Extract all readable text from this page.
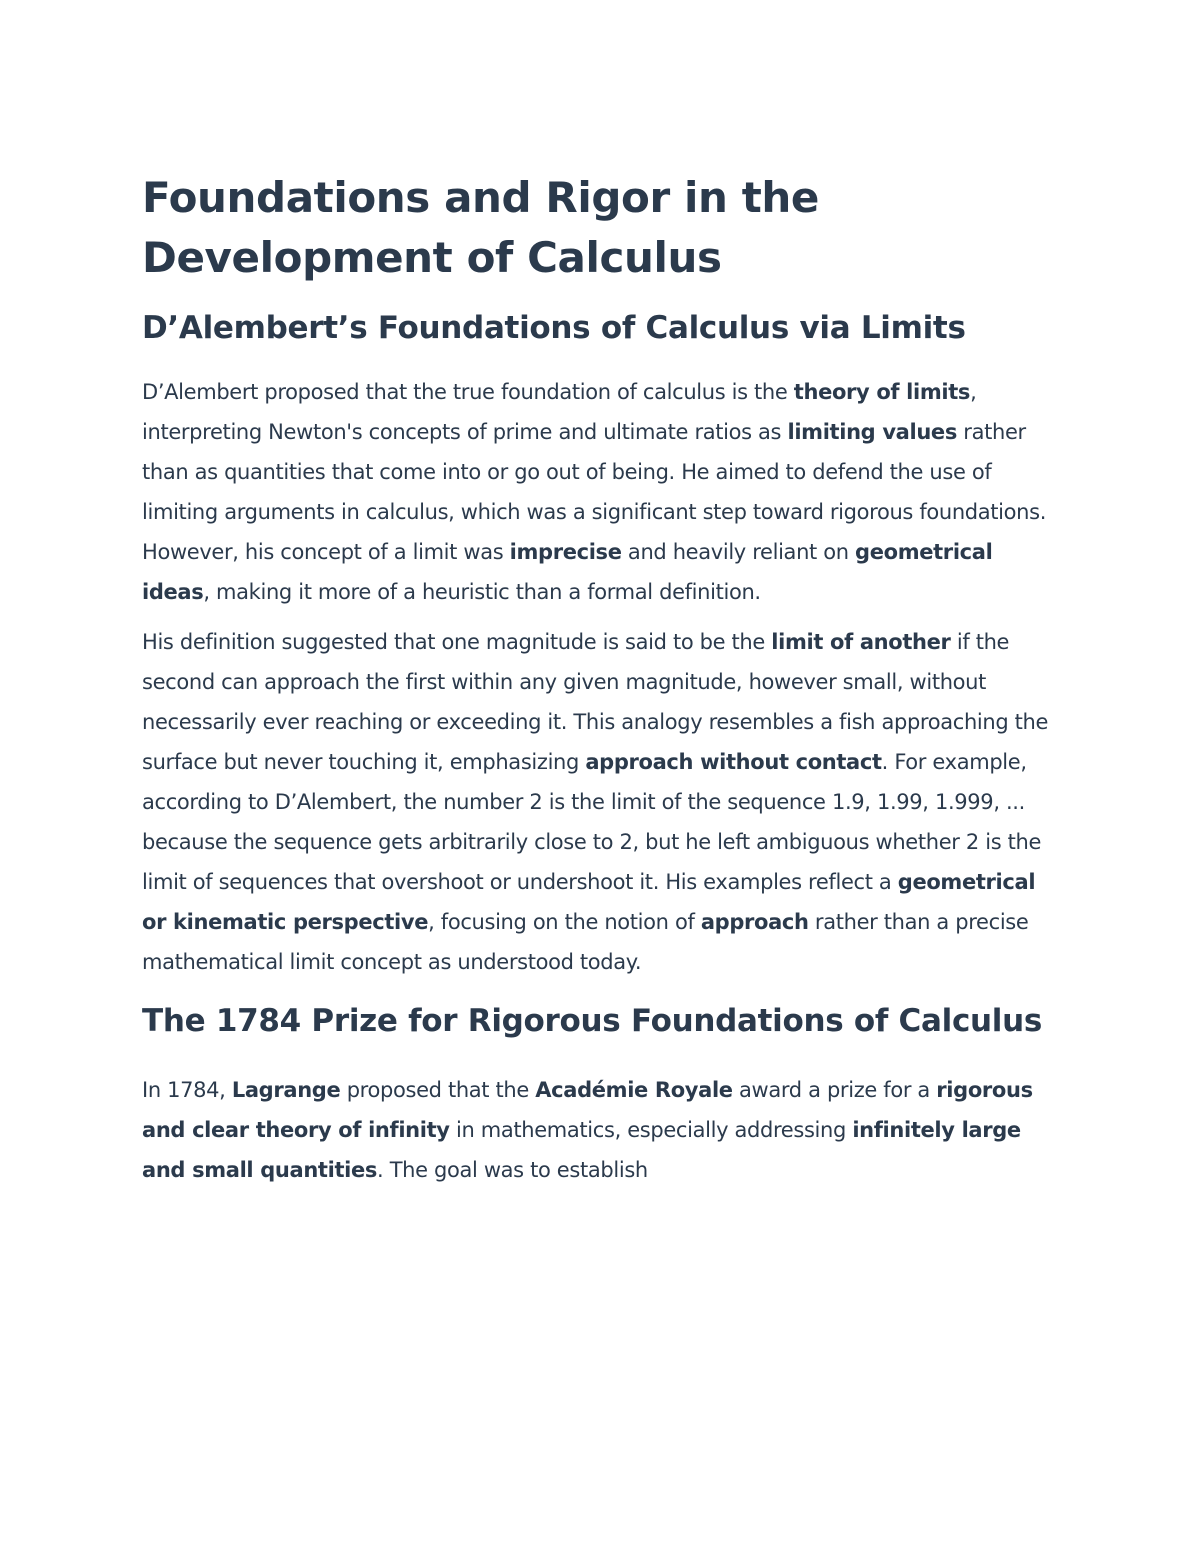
Foundations and Rigor in the Development of Calculus
D’Alembert’s Foundations of Calculus via Limits

D’Alembert proposed that the true foundation of calculus is the theory of limits, interpreting Newton's concepts of prime and ultimate ratios as limiting values rather than as quantities that come into or go out of being. He aimed to defend the use of limiting arguments in calculus, which was a significant step toward rigorous foundations. However, his concept of a limit was imprecise and heavily reliant on geometrical ideas, making it more of a heuristic than a formal definition.

His definition suggested that one magnitude is said to be the limit of another if the second can approach the first within any given magnitude, however small, without necessarily ever reaching or exceeding it. This analogy resembles a fish approaching the surface but never touching it, emphasizing approach without contact. For example, according to D’Alembert, the number 2 is the limit of the sequence 1.9, 1.99, 1.999, ... because the sequence gets arbitrarily close to 2, but he left ambiguous whether 2 is the limit of sequences that overshoot or undershoot it. His examples reflect a geometrical or kinematic perspective, focusing on the notion of approach rather than a precise mathematical limit concept as understood today.

The 1784 Prize for Rigorous Foundations of Calculus

In 1784, Lagrange proposed that the Académie Royale award a prize for a rigorous and clear theory of infinity in mathematics, especially addressing infinitely large and small quantities. The goal was to establish
